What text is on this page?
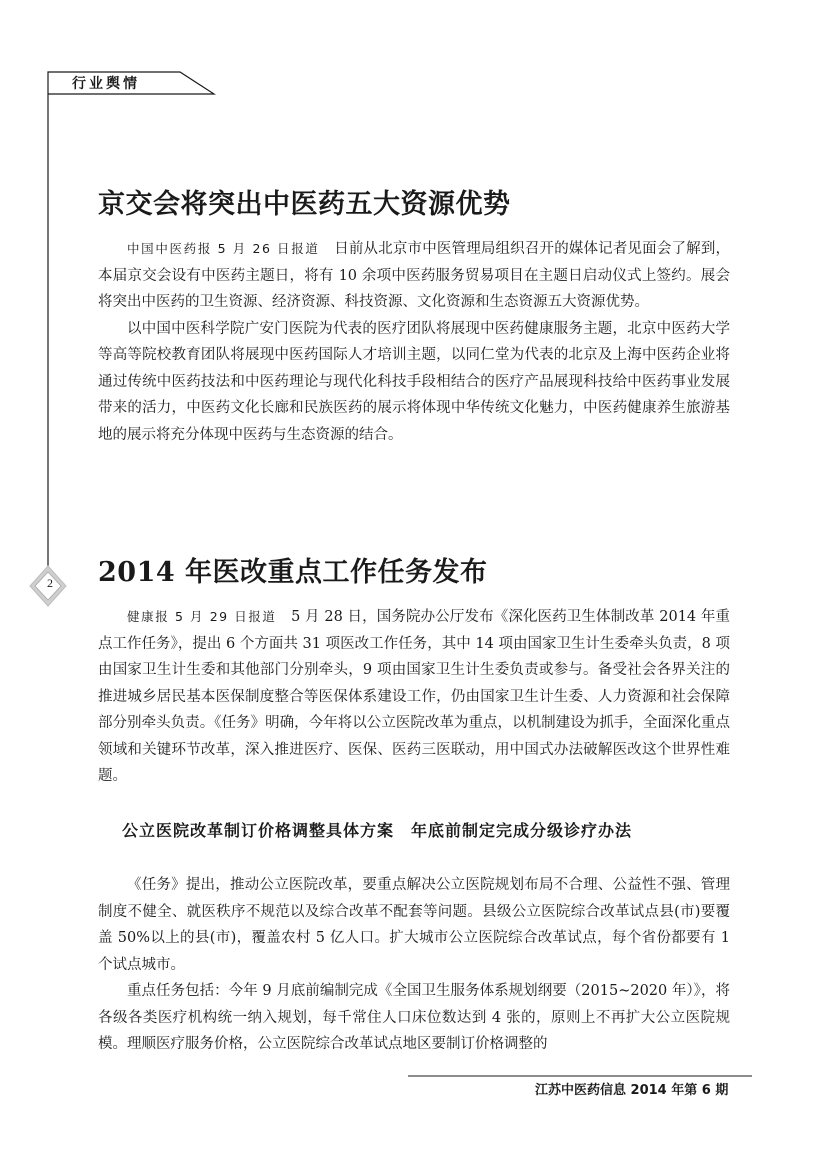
行业舆情
2
京交会将突出中医药五大资源优势

中国中医药报 5 月 26 日报道  日前从北京市中医管理局组织召开的媒体记者见面会了解到，本届京交会设有中医药主题日，将有 10 余项中医药服务贸易项目在主题日启动仪式上签约。展会将突出中医药的卫生资源、经济资源、科技资源、文化资源和生态资源五大资源优势。

以中国中医科学院广安门医院为代表的医疗团队将展现中医药健康服务主题，北京中医药大学等高等院校教育团队将展现中医药国际人才培训主题，以同仁堂为代表的北京及上海中医药企业将通过传统中医药技法和中医药理论与现代化科技手段相结合的医疗产品展现科技给中医药事业发展带来的活力，中医药文化长廊和民族医药的展示将体现中华传统文化魅力，中医药健康养生旅游基地的展示将充分体现中医药与生态资源的结合。

2014 年医改重点工作任务发布

健康报 5 月 29 日报道  5 月 28 日，国务院办公厅发布《深化医药卫生体制改革 2014 年重点工作任务》，提出 6 个方面共 31 项医改工作任务，其中 14 项由国家卫生计生委牵头负责，8 项由国家卫生计生委和其他部门分别牵头，9 项由国家卫生计生委负责或参与。备受社会各界关注的推进城乡居民基本医保制度整合等医保体系建设工作，仍由国家卫生计生委、人力资源和社会保障部分别牵头负责。《任务》明确，今年将以公立医院改革为重点，以机制建设为抓手，全面深化重点领域和关键环节改革，深入推进医疗、医保、医药三医联动，用中国式办法破解医改这个世界性难题。

公立医院改革制订价格调整具体方案　年底前制定完成分级诊疗办法

《任务》提出，推动公立医院改革，要重点解决公立医院规划布局不合理、公益性不强、管理制度不健全、就医秩序不规范以及综合改革不配套等问题。县级公立医院综合改革试点县(市)要覆盖 50%以上的县(市)，覆盖农村 5 亿人口。扩大城市公立医院综合改革试点，每个省份都要有 1 个试点城市。

重点任务包括：今年 9 月底前编制完成《全国卫生服务体系规划纲要（2015~2020 年）》，将各级各类医疗机构统一纳入规划，每千常住人口床位数达到 4 张的，原则上不再扩大公立医院规模。理顺医疗服务价格，公立医院综合改革试点地区要制订价格调整的

江苏中医药信息 2014 年第 6 期
